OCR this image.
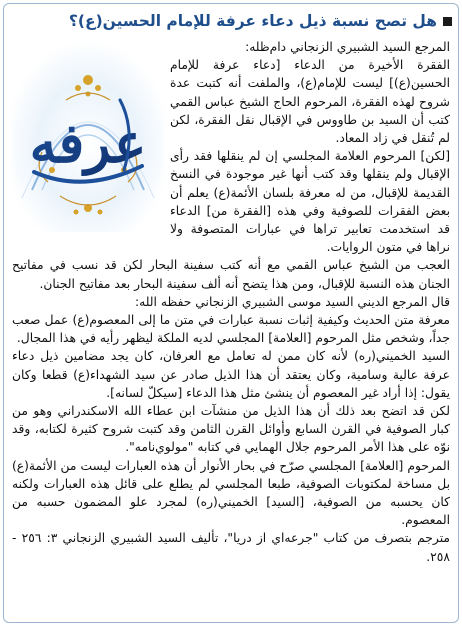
هل تصح نسبة ذيل دعاء عرفة للإمام الحسين(ع)؟
عرفه

المرجع السيد الشبيري الزنجاني دام‌ظله:

الفقرة الأخيرة من الدعاء [دعاء عرفة للإمام الحسين(ع)] ليست للإمام(ع)، والملفت أنه كتبت عدة شروح لهذه الفقرة، المرحوم الحاج الشيخ عباس القمي كتب أن السيد بن طاووس في الإقبال نقل الفقرة، لكن لم تُنقل في زاد المعاد.

[لكن] المرحوم العلامة المجلسي إن لم ينقلها فقد رأى الإقبال ولم ينقلها وقد كتب أنها غير موجودة في النسخ القديمة للإقبال، من له معرفة بلسان الأئمة(ع) يعلم أن بعض الفقرات للصوفية وفي هذه [الفقرة من] الدعاء قد استخدمت تعابير تراها في عبارات المتصوفة ولا نراها في متون الروايات.

العجب من الشيخ عباس القمي مع أنه كتب سفينة البحار لكن قد نسب في مفاتيح الجنان هذه النسبة للإقبال، ومن هذا يتضح أنه ألف سفينة البحار بعد مفاتيح الجنان.

قال المرجع الديني السيد موسى الشبيري الزنجاني حفظه الله:

معرفة متن الحديث وكيفية إثبات نسبة عبارات في متن ما إلى المعصوم(ع) عمل صعب جداً، وشخص مثل المرحوم [العلامة] المجلسي لديه الملكة ليظهر رأيه في هذا المجال.

السيد الخميني(ره) لأنه كان ممن له تعامل مع العرفان، كان يجد مضامين ذيل دعاء عرفة عالية وسامية، وكان يعتقد أن هذا الذيل صادر عن سيد الشهداء(ع) قطعا وكان يقول: إذا أراد غير المعصوم أن ينشئ مثل هذا الدعاء [سيكلّ لسانه].

لكن قد اتضح بعد ذلك أن هذا الذيل من منشآت ابن عطاء الله الاسكندراني وهو من كبار الصوفية في القرن السابع وأوائل القرن الثامن وقد كتبت شروح كثيرة لكتابه، وقد نوّه على هذا الأمر المرحوم جلال الهمايي في كتابه "مولوي‌نامه".

المرحوم [العلامة] المجلسي صرّح في بحار الأنوار أن هذه العبارات ليست من الأئمة(ع) بل مساخة لمكتوبات الصوفية، طبعا المجلسي لم يطلع على قائل هذه العبارات ولكنه كان يحسبه من الصوفية، [السيد] الخميني(ره) لمجرد علو المضمون حسبه من المعصوم.

مترجم بتصرف من كتاب "جرعه‌اي از دريا"، تأليف السيد الشبيري الزنجاني ٣: ٢٥٦ - ٢٥٨.
